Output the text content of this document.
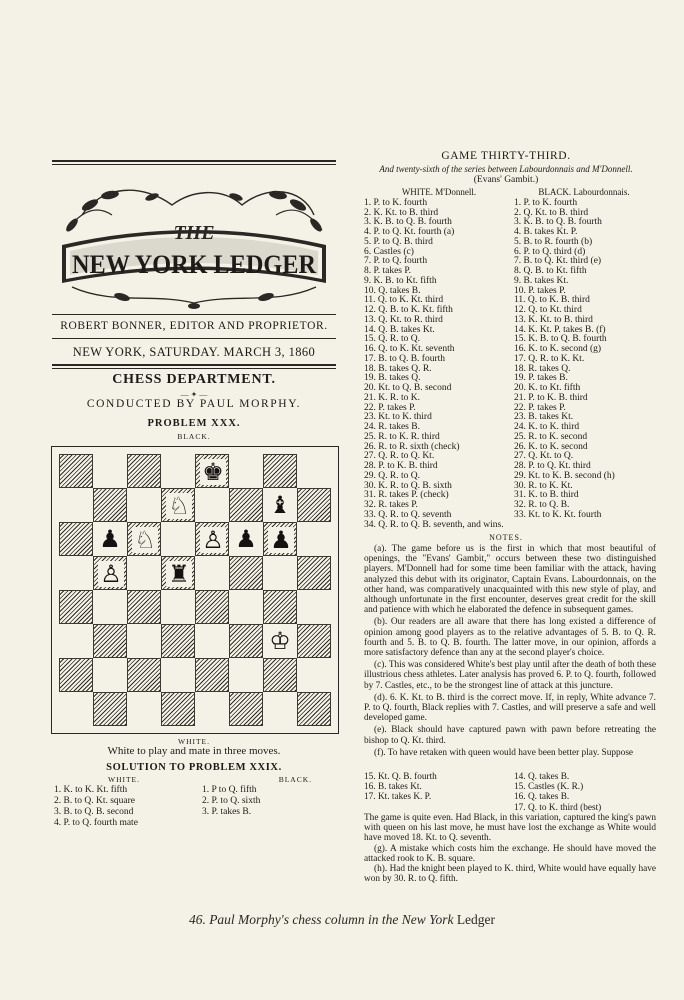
THE
NEW YORK LEDGER
ROBERT BONNER, EDITOR AND PROPRIETOR.
NEW YORK, SATURDAY. MARCH 3, 1860
CHESS DEPARTMENT.
— ✦ —
CONDUCTED BY PAUL MORPHY.
PROBLEM XXX.
BLACK.
♚
♘	♝
♟ ♘ ♙ ♟ ♟
♙ ♜
♔
WHITE.
White to play and mate in three moves.
SOLUTION TO PROBLEM XXIX.
WHITE.
1. K. to K. Kt. fifth
2. B. to Q. Kt. square
3. B. to Q. B. second
4. P. to Q. fourth mate
BLACK.
1. P to Q. fifth
2. P. to Q. sixth
3. P. takes B.
GAME THIRTY-THIRD.
And twenty-sixth of the series between Labourdonnais and M'Donnell.
(Evans' Gambit.)
WHITE. M'Donnell.
1. P. to K. fourth
2. K. Kt. to B. third
3. K. B. to Q. B. fourth
4. P. to Q. Kt. fourth (a)
5. P. to Q. B. third
6. Castles (c)
7. P. to Q. fourth
8. P. takes P.
9. K. B. to Kt. fifth
10. Q. takes B.
11. Q. to K. Kt. third
12. Q. B. to K. Kt. fifth
13. Q. Kt. to R. third
14. Q. B. takes Kt.
15. Q. R. to Q.
16. Q. to K. Kt. seventh
17. B. to Q. B. fourth
18. B. takes Q. R.
19. B. takes Q.
20. Kt. to Q. B. second
21. K. R. to K.
22. P. takes P.
23. Kt. to K. third
24. R. takes B.
25. R. to K. R. third
26. R. to R. sixth (check)
27. Q. R. to Q. Kt.
28. P. to K. B. third
29. Q. R. to Q.
30. K. R. to Q. B. sixth
31. R. takes P. (check)
32. R. takes P.
33. Q. R. to Q. seventh
34. Q. R. to Q. B. seventh, and wins.
BLACK. Labourdonnais.
1. P. to K. fourth
2. Q. Kt. to B. third
3. K. B. to Q. B. fourth
4. B. takes Kt. P.
5. B. to R. fourth (b)
6. P. to Q. third (d)
7. B. to Q. Kt. third (e)
8. Q. B. to Kt. fifth
9. B. takes Kt.
10. P. takes P.
11. Q. to K. B. third
12. Q. to Kt. third
13. K. Kt. to B. third
14. K. Kt. P. takes B. (f)
15. K. B. to Q. B. fourth
16. K. to K. second (g)
17. Q. R. to K. Kt.
18. R. takes Q.
19. P. takes B.
20. K. to Kt. fifth
21. P. to K. B. third
22. P. takes P.
23. B. takes Kt.
24. K. to K. third
25. R. to K. second
26. K. to K. second
27. Q. Kt. to Q.
28. P. to Q. Kt. third
29. Kt. to K. B. second (h)
30. R. to K. Kt.
31. K. to B. third
32. R. to Q. B.
33. Kt. to K. Kt. fourth
NOTES.

(a). The game before us is the first in which that most beautiful of openings, the "Evans' Gambit," occurs between these two distinguished players. M'Donnell had for some time been familiar with the attack, having analyzed this debut with its originator, Captain Evans. Labourdonnais, on the other hand, was comparatively unacquainted with this new style of play, and although unfortunate in the first encounter, deserves great credit for the skill and patience with which he elaborated the defence in subsequent games.

(b). Our readers are all aware that there has long existed a difference of opinion among good players as to the relative advantages of 5. B. to Q. R. fourth and 5. B. to Q. B. fourth. The latter move, in our opinion, affords a more satisfactory defence than any at the second player's choice.

(c). This was considered White's best play until after the death of both these illustrious chess athletes. Later analysis has proved 6. P. to Q. fourth, followed by 7. Castles, etc., to be the strongest line of attack at this juncture.

(d). 6. K. Kt. to B. third is the correct move. If, in reply, White advance 7. P. to Q. fourth, Black replies with 7. Castles, and will preserve a safe and well developed game.

(e). Black should have captured pawn with pawn before retreating the bishop to Q. Kt. third.

(f). To have retaken with queen would have been better play. Suppose

15. Kt. Q. B. fourth
16. B. takes Kt.
17. Kt. takes K. P.
14. Q. takes B.
15. Castles (K. R.)
16. Q. takes B.
17. Q. to K. third (best)

The game is quite even. Had Black, in this variation, captured the king's pawn with queen on his last move, he must have lost the exchange as White would have moved 18. Kt. to Q. seventh.

(g). A mistake which costs him the exchange. He should have moved the attacked rook to K. B. square.

(h). Had the knight been played to K. third, White would have equally have won by 30. R. to Q. fifth.

46. Paul Morphy's chess column in the New York Ledger
